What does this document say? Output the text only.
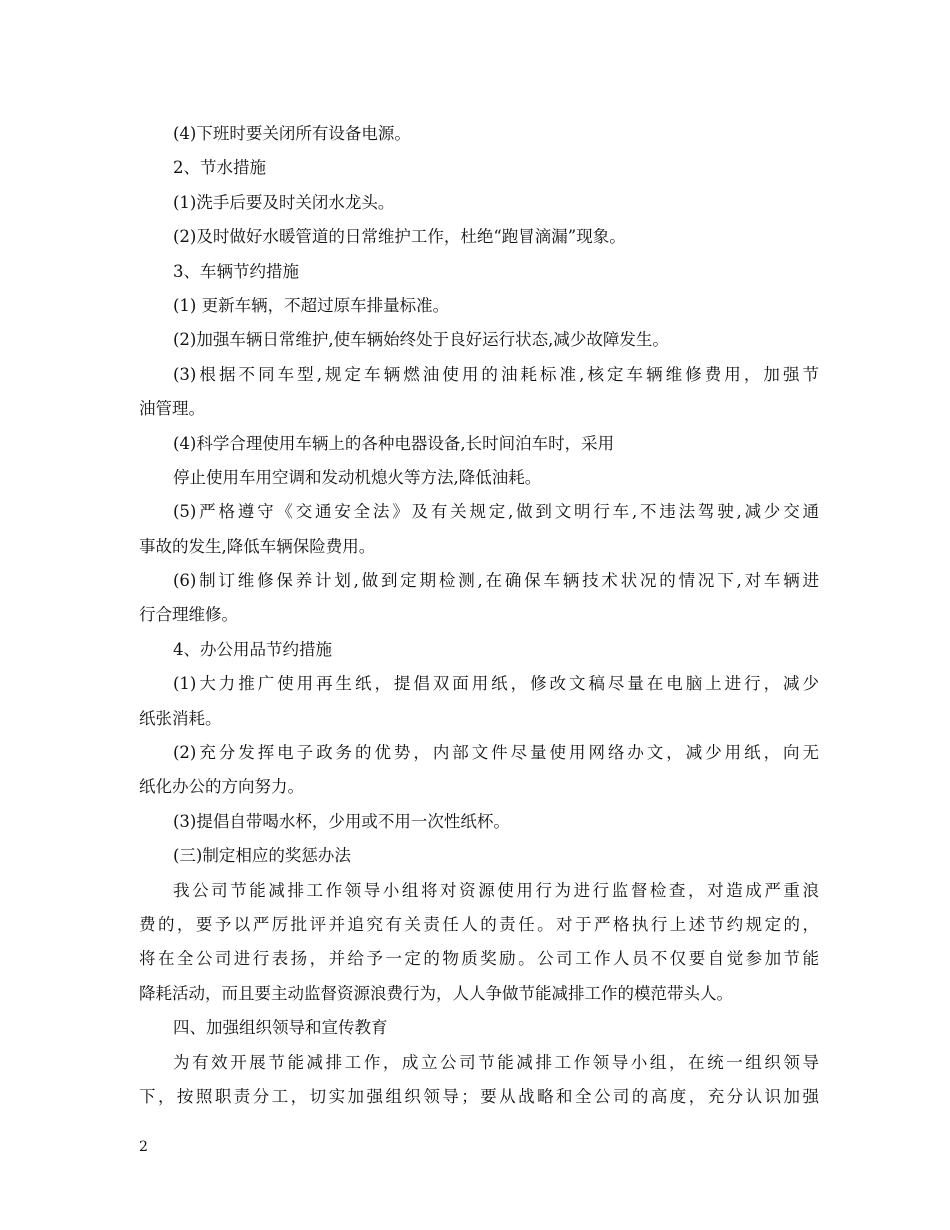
(4)下班时要关闭所有设备电源。
2、节水措施
(1)洗手后要及时关闭水龙头。
(2)及时做好水暖管道的日常维护工作，杜绝“跑冒滴漏”现象。
3、车辆节约措施
(1) 更新车辆，不超过原车排量标准。
(2)加强车辆日常维护,使车辆始终处于良好运行状态,减少故障发生。
(3)根据不同车型,规定车辆燃油使用的油耗标准,核定车辆维修费用，加强节
油管理。
(4)科学合理使用车辆上的各种电器设备,长时间泊车时，采用
停止使用车用空调和发动机熄火等方法,降低油耗。
(5)严格遵守《交通安全法》及有关规定,做到文明行车,不违法驾驶,减少交通
事故的发生,降低车辆保险费用。
(6)制订维修保养计划,做到定期检测,在确保车辆技术状况的情况下,对车辆进
行合理维修。
4、办公用品节约措施
(1)大力推广使用再生纸，提倡双面用纸，修改文稿尽量在电脑上进行，减少
纸张消耗。
(2)充分发挥电子政务的优势，内部文件尽量使用网络办文，减少用纸，向无
纸化办公的方向努力。
(3)提倡自带喝水杯，少用或不用一次性纸杯。
(三)制定相应的奖惩办法
我公司节能减排工作领导小组将对资源使用行为进行监督检查，对造成严重浪
费的，要予以严厉批评并追究有关责任人的责任。对于严格执行上述节约规定的，
将在全公司进行表扬，并给予一定的物质奖励。公司工作人员不仅要自觉参加节能
降耗活动，而且要主动监督资源浪费行为，人人争做节能减排工作的模范带头人。
四、加强组织领导和宣传教育
为有效开展节能减排工作，成立公司节能减排工作领导小组，在统一组织领导
下，按照职责分工，切实加强组织领导；要从战略和全公司的高度，充分认识加强
2
